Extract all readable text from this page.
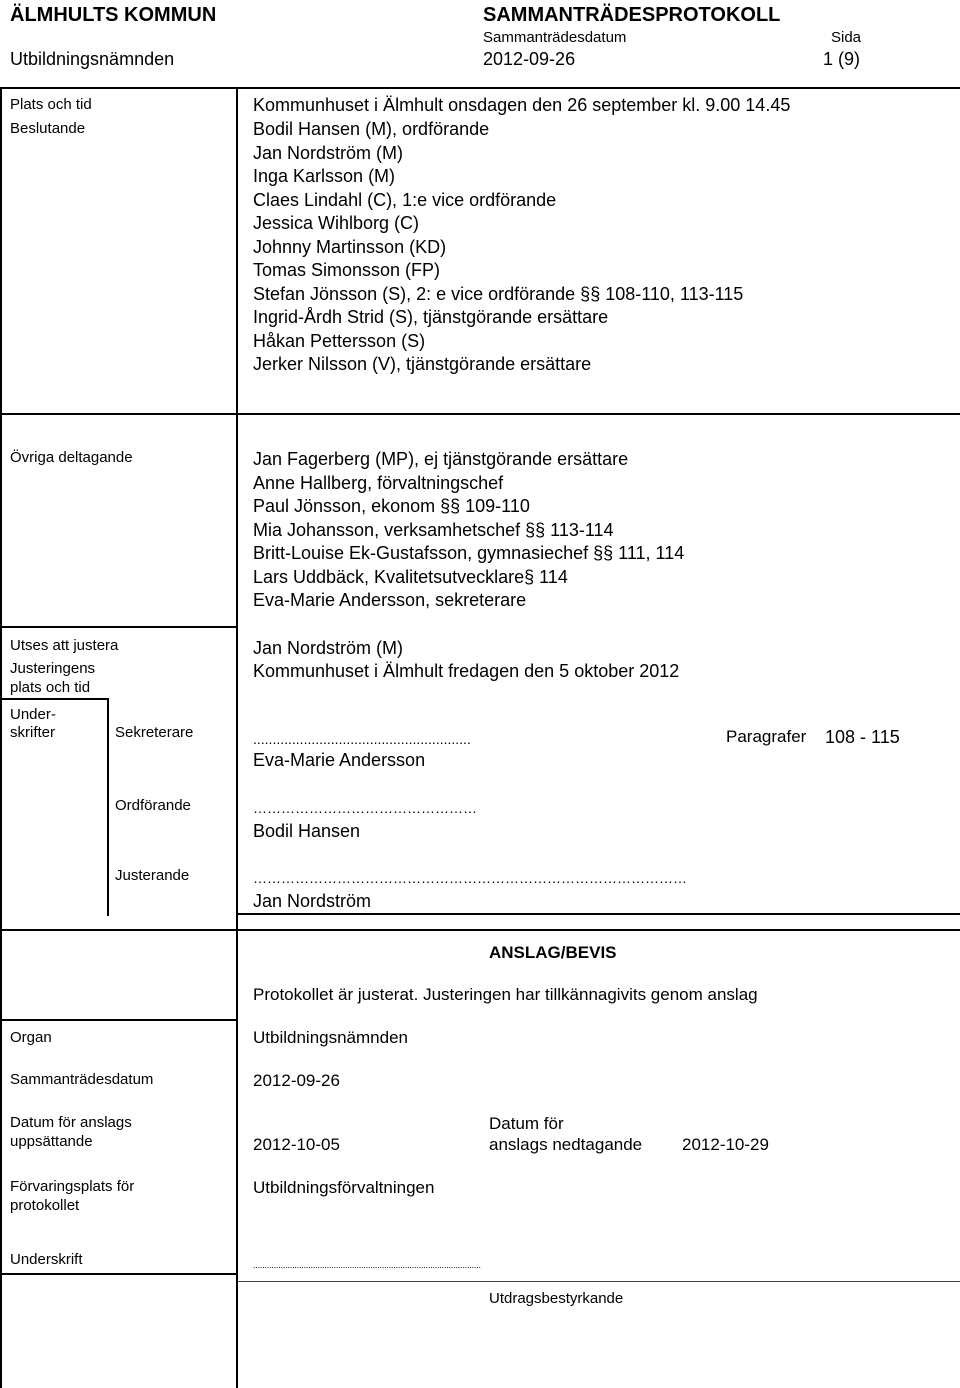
ÄLMHULTS KOMMUN	SAMMANTRÄDESPROTOKOLL
Sammanträdesdatum	Sida
Utbildningsnämnden	2012-09-26	1 (9)
Plats och tid	Kommunhuset i Älmhult onsdagen den 26 september kl. 9.00 14.45
Beslutande	Bodil Hansen (M), ordförande
Jan Nordström (M)
Inga Karlsson (M)
Claes Lindahl (C), 1:e vice ordförande
Jessica Wihlborg (C)
Johnny Martinsson (KD)
Tomas Simonsson (FP)
Stefan Jönsson (S), 2: e vice ordförande §§ 108-110, 113-115
Ingrid-Årdh Strid (S), tjänstgörande ersättare
Håkan Pettersson (S)
Jerker Nilsson (V), tjänstgörande ersättare
Övriga deltagande	Jan Fagerberg (MP), ej tjänstgörande ersättare
Anne Hallberg, förvaltningschef
Paul Jönsson, ekonom §§ 109-110
Mia Johansson, verksamhetschef §§ 113-114
Britt-Louise Ek-Gustafsson, gymnasiechef §§ 111, 114
Lars Uddbäck, Kvalitetsutvecklare§ 114
Eva-Marie Andersson, sekreterare
Utses att justera	Jan Nordström (M)
Justeringens
plats och tid
Kommunhuset i Älmhult fredagen den 5 oktober 2012
Under-
skrifter	Sekreterare	........................................................	Paragrafer 108 - 115
Eva-Marie Andersson
Ordförande	…………………………………………
Bodil Hansen
Justerande	…………………………………………………………………………………
Jan Nordström
ANSLAG/BEVIS
Protokollet är justerat. Justeringen har tillkännagivits genom anslag
Organ	Utbildningsnämnden
Sammanträdesdatum	2012-09-26
Datum för anslags
uppsättande	2012-10-05
Datum för
anslags nedtagande 2012-10-29
Förvaringsplats för
protokollet
Utbildningsförvaltningen
Underskrift	...................................................................................................
Utdragsbestyrkande
